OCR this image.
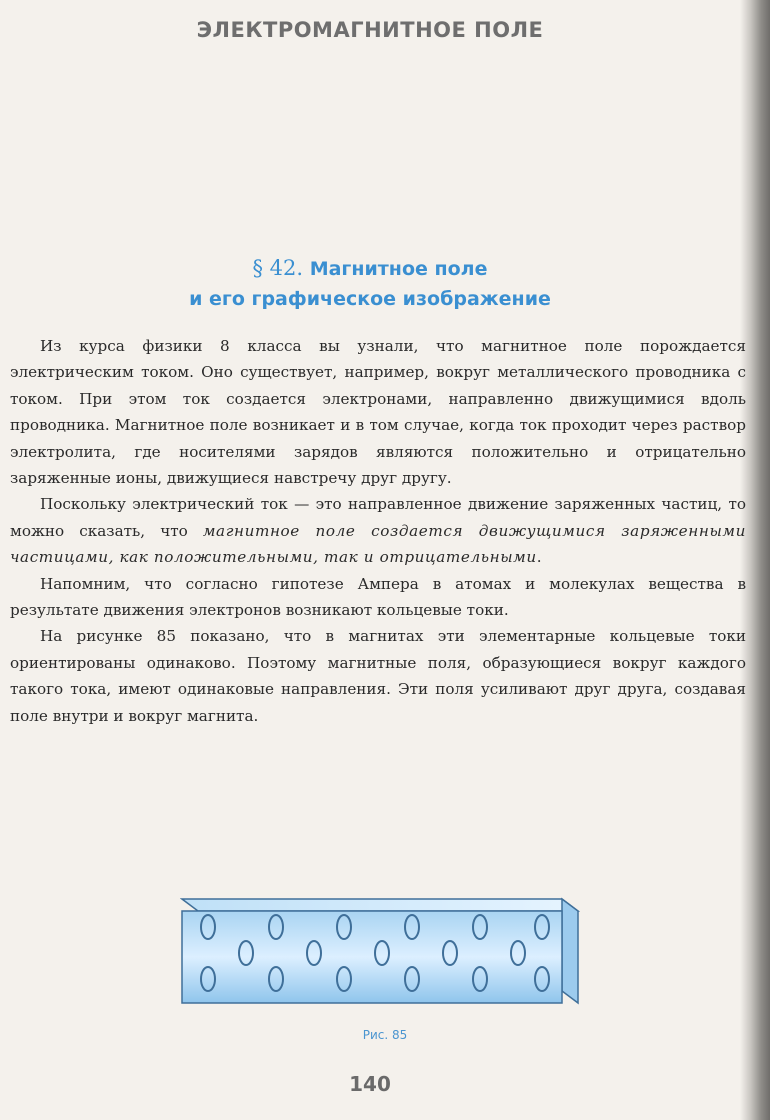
ЭЛЕКТРОМАГНИТНОЕ ПОЛЕ
§ 42. Магнитное поле
и его графическое изображение

Из курса физики 8 класса вы узнали, что магнитное поле порождается электрическим током. Оно существует, например, вокруг металлического проводника с током. При этом ток создается электронами, направленно движущимися вдоль проводника. Магнитное поле возникает и в том случае, когда ток проходит через раствор электролита, где носителями зарядов являются положительно и отрицательно заряженные ионы, движущиеся навстречу друг другу.

Поскольку электрический ток — это направленное движение заряженных частиц, то можно сказать, что магнитное поле создается движущимися заряженными частицами, как положительными, так и отрицательными.

Напомним, что согласно гипотезе Ампера в атомах и молекулах вещества в результате движения электронов возникают кольцевые токи.

На рисунке 85 показано, что в магнитах эти элементарные кольцевые токи ориентированы одинаково. Поэтому магнитные поля, образующиеся вокруг каждого такого тока, имеют одинаковые направления. Эти поля усиливают друг друга, создавая поле внутри и вокруг магнита.

Рис. 85
140
